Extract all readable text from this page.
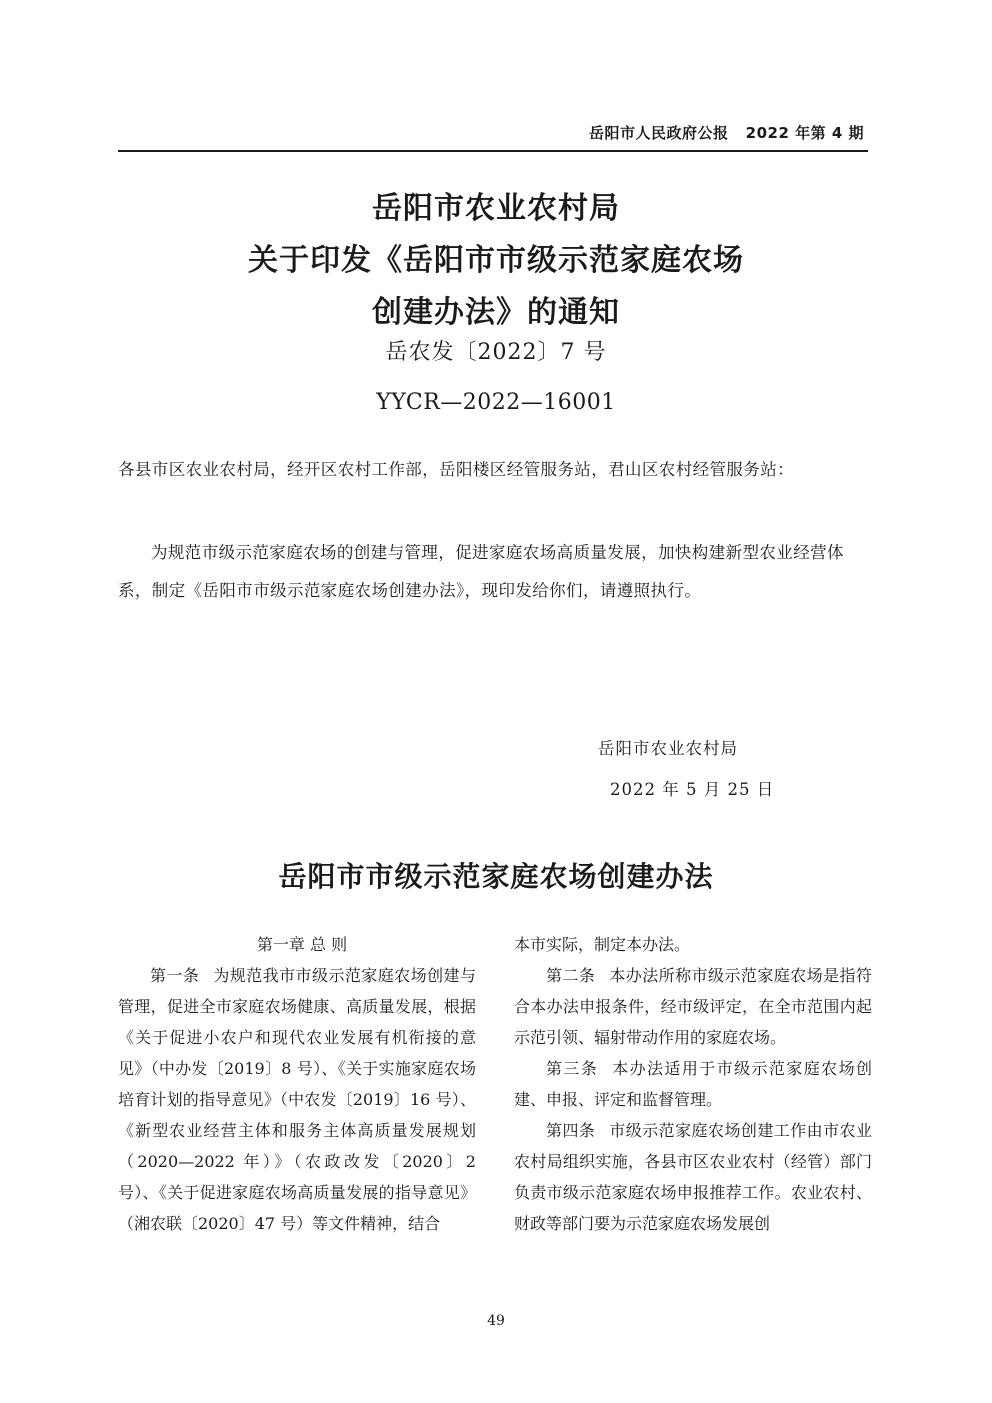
岳阳市人民政府公报   2022 年第 4 期
岳阳市农业农村局
关于印发《岳阳市市级示范家庭农场
创建办法》的通知
岳农发〔2022〕7 号
YYCR—2022—16001
各县市区农业农村局，经开区农村工作部，岳阳楼区经管服务站，君山区农村经管服务站：
为规范市级示范家庭农场的创建与管理，促进家庭农场高质量发展，加快构建新型农业经营体系，制定《岳阳市市级示范家庭农场创建办法》，现印发给你们，请遵照执行。
岳阳市农业农村局
2022 年 5 月 25 日
岳阳市市级示范家庭农场创建办法

第一章 总 则

第一条 为规范我市市级示范家庭农场创建与管理，促进全市家庭农场健康、高质量发展，根据《关于促进小农户和现代农业发展有机衔接的意见》（中办发〔2019〕8 号）、《关于实施家庭农场培育计划的指导意见》（中农发〔2019〕16 号）、《新型农业经营主体和服务主体高质量发展规划（2020—2022 年）》（农政改发〔2020〕2 号）、《关于促进家庭农场高质量发展的指导意见》（湘农联〔2020〕47 号）等文件精神，结合

本市实际，制定本办法。

第二条 本办法所称市级示范家庭农场是指符合本办法申报条件，经市级评定，在全市范围内起示范引领、辐射带动作用的家庭农场。

第三条 本办法适用于市级示范家庭农场创建、申报、评定和监督管理。

第四条 市级示范家庭农场创建工作由市农业农村局组织实施，各县市区农业农村（经管）部门负责市级示范家庭农场申报推荐工作。农业农村、财政等部门要为示范家庭农场发展创

49
